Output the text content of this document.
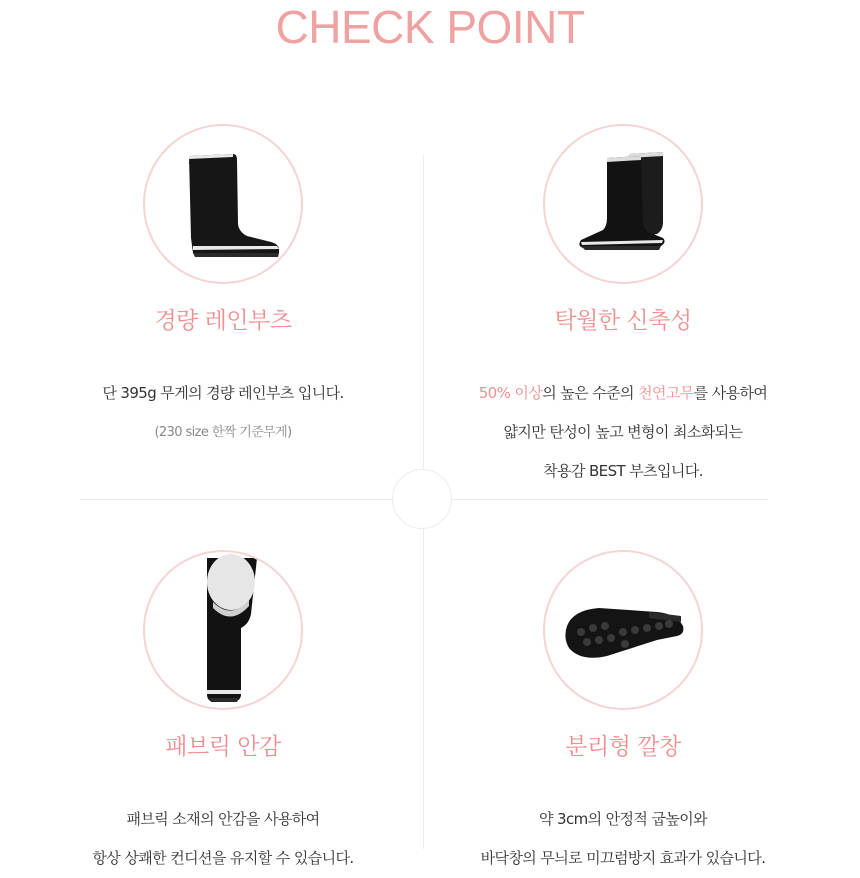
CHECK POINT
경량 레인부츠
단 395g 무게의 경량 레인부츠 입니다.
(230 size 한짝 기준무게)
탁월한 신축성
50% 이상의 높은 수준의 천연고무를 사용하여
얇지만 탄성이 높고 변형이 최소화되는
착용감 BEST 부츠입니다.
패브릭 안감
패브릭 소재의 안감을 사용하여
항상 상쾌한 컨디션을 유지할 수 있습니다.
분리형 깔창
약 3cm의 안정적 굽높이와
바닥창의 무늬로 미끄럼방지 효과가 있습니다.
